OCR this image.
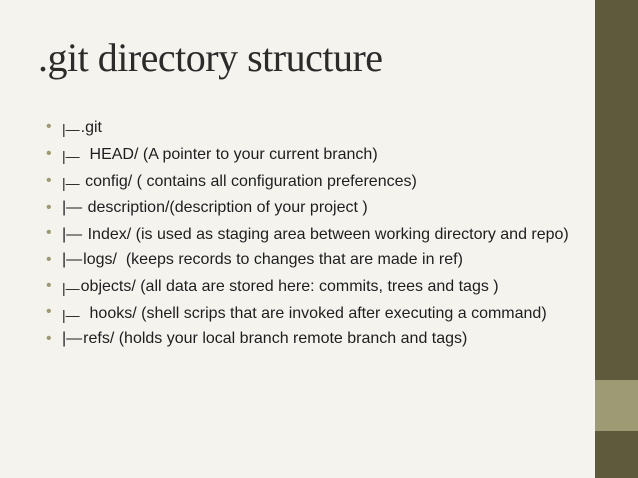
.git directory structure
• |—.git
• |—  HEAD/ (A pointer to your current branch)
• |— config/ ( contains all configuration preferences)
• |— description/(description of your project )
• |— Index/ (is used as staging area between working directory and repo)
• |—logs/  (keeps records to changes that are made in ref)
• |—objects/ (all data are stored here: commits, trees and tags )
• |—  hooks/ (shell scrips that are invoked after executing a command)
• |—refs/ (holds your local branch remote branch and tags)
